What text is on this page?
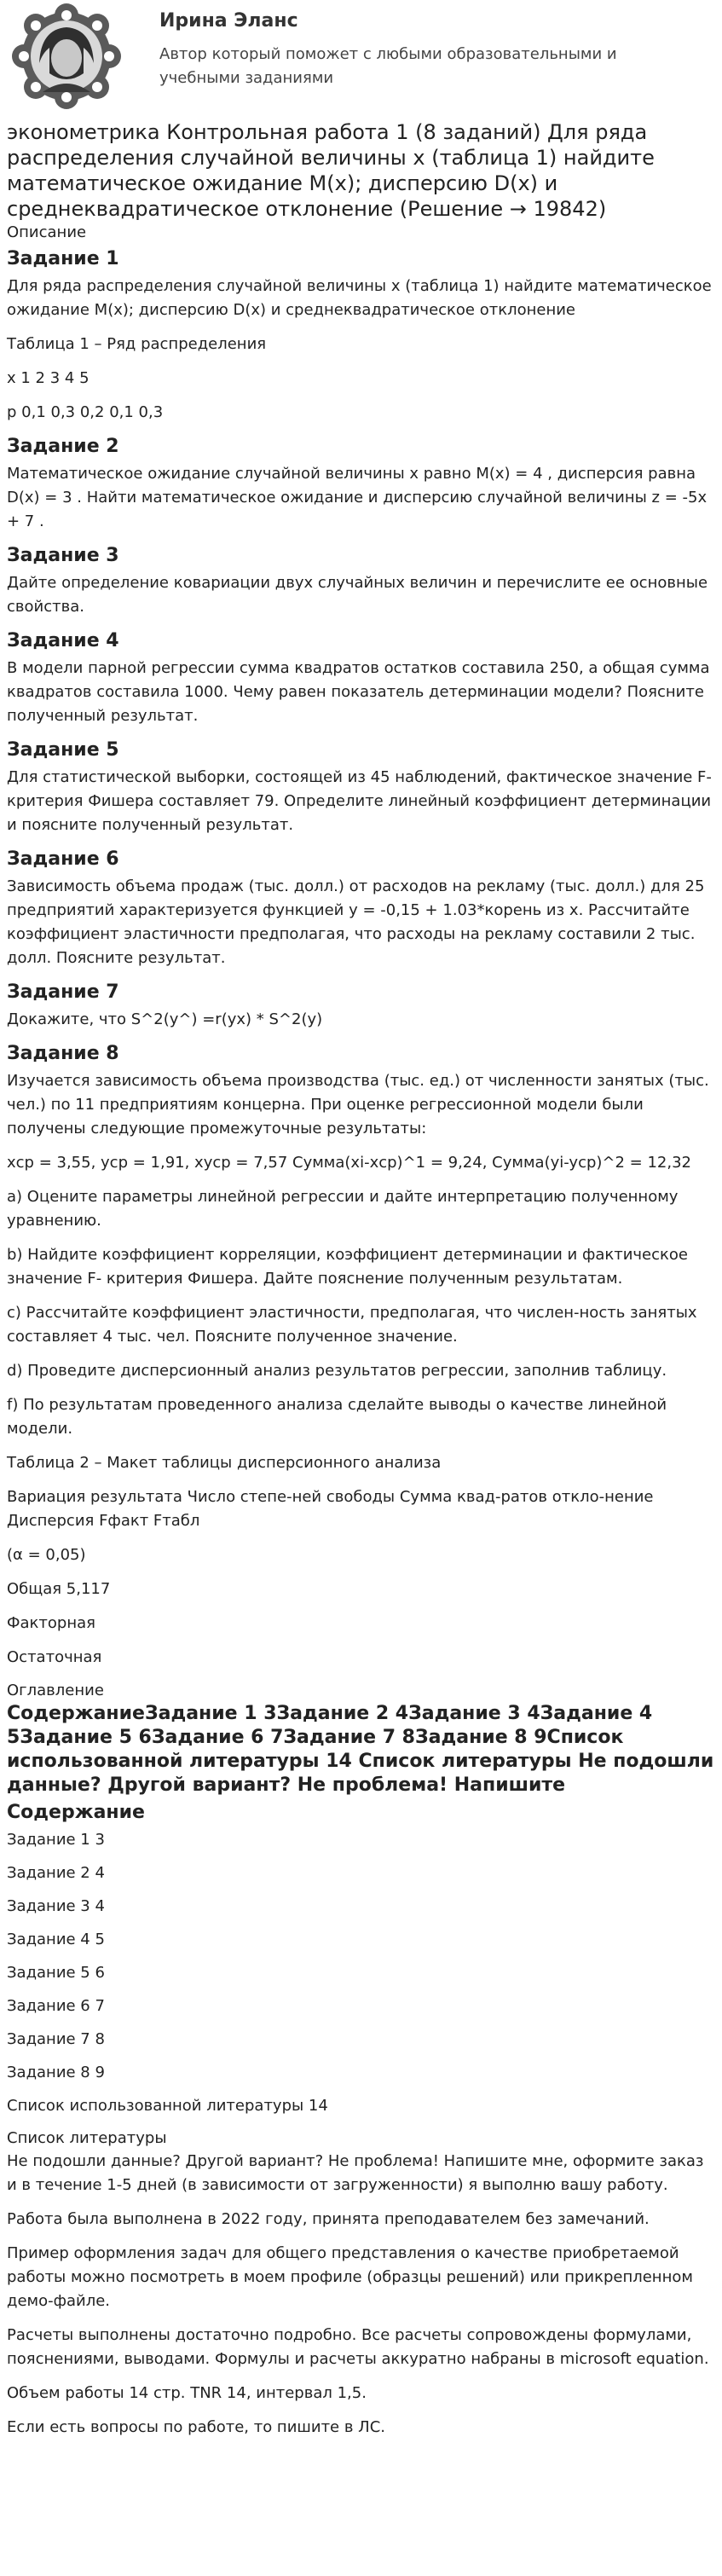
Ирина Эланс
Автор который поможет с любыми образовательными и учебными заданиями
эконометрика Контрольная работа 1 (8 заданий) Для ряда распределения случайной величины x (таблица 1) найдите математическое ожидание M(x); дисперсию D(x) и среднеквадратическое отклонение (Решение → 19842)
Описание
Задание 1

Для ряда распределения случайной величины x (таблица 1) найдите математическое ожидание M(x); дисперсию D(x) и среднеквадратическое отклонение

Таблица 1 – Ряд распределения

x 1 2 3 4 5

p 0,1 0,3 0,2 0,1 0,3

Задание 2

Математическое ожидание случайной величины x равно M(x) = 4 , дисперсия равна D(x) = 3 . Найти математическое ожидание и дисперсию случайной величины z = -5x + 7 .

Задание 3

Дайте определение ковариации двух случайных величин и перечислите ее основные свойства.

Задание 4

В модели парной регрессии сумма квадратов остатков составила 250, а общая сумма квадратов составила 1000. Чему равен показатель детерминации модели? Поясните полученный результат.

Задание 5

Для статистической выборки, состоящей из 45 наблюдений, фактическое значение F-критерия Фишера составляет 79. Определите линейный коэффициент детерминации и поясните полученный результат.

Задание 6

Зависимость объема продаж (тыс. долл.) от расходов на рекламу (тыс. долл.) для 25 предприятий характеризуется функцией y = -0,15 + 1.03*корень из x. Рассчитайте коэффициент эластичности предполагая, что расходы на рекламу составили 2 тыс. долл. Поясните результат.

Задание 7

Докажите, что S^2(y^) =r(yx) * S^2(y)

Задание 8

Изучается зависимость объема производства (тыс. ед.) от численности занятых (тыс. чел.) по 11 предприятиям концерна. При оценке регрессионной модели были получены следующие промежуточные результаты:

xср = 3,55, yср = 1,91, xycp = 7,57 Сумма(xi-xср)^1 = 9,24, Сумма(yi-ycp)^2 = 12,32

a) Оцените параметры линейной регрессии и дайте интерпретацию полученному уравнению.

b) Найдите коэффициент корреляции, коэффициент детерминации и фактическое значение F- критерия Фишера. Дайте пояснение полученным результатам.

c) Рассчитайте коэффициент эластичности, предполагая, что числен-ность занятых составляет 4 тыс. чел. Поясните полученное значение.

d) Проведите дисперсионный анализ результатов регрессии, заполнив таблицу.

f) По результатам проведенного анализа сделайте выводы о качестве линейной модели.

Таблица 2 – Макет таблицы дисперсионного анализа

Вариация результата Число степе-ней свободы Сумма квад-ратов откло-нение Дисперсия Fфакт Fтабл

(α = 0,05)

Общая 5,117

Факторная

Остаточная

Оглавление
СодержаниеЗадание 1 3Задание 2 4Задание 3 4Задание 4 5Задание 5 6Задание 6 7Задание 7 8Задание 8 9Список использованной литературы 14 Список литературы Не подошли данные? Другой вариант? Не проблема! Напишите
Содержание

Задание 1 3

Задание 2 4

Задание 3 4

Задание 4 5

Задание 5 6

Задание 6 7

Задание 7 8

Задание 8 9

Список использованной литературы 14

Список литературы

Не подошли данные? Другой вариант? Не проблема! Напишите мне, оформите заказ и в течение 1-5 дней (в зависимости от загруженности) я выполню вашу работу.

Работа была выполнена в 2022 году, принята преподавателем без замечаний.

Пример оформления задач для общего представления о качестве приобретаемой работы можно посмотреть в моем профиле (образцы решений) или прикрепленном демо-файле.

Расчеты выполнены достаточно подробно. Все расчеты сопровождены формулами, пояснениями, выводами. Формулы и расчеты аккуратно набраны в microsoft equation.

Объем работы 14 стр. TNR 14, интервал 1,5.

Если есть вопросы по работе, то пишите в ЛС.
